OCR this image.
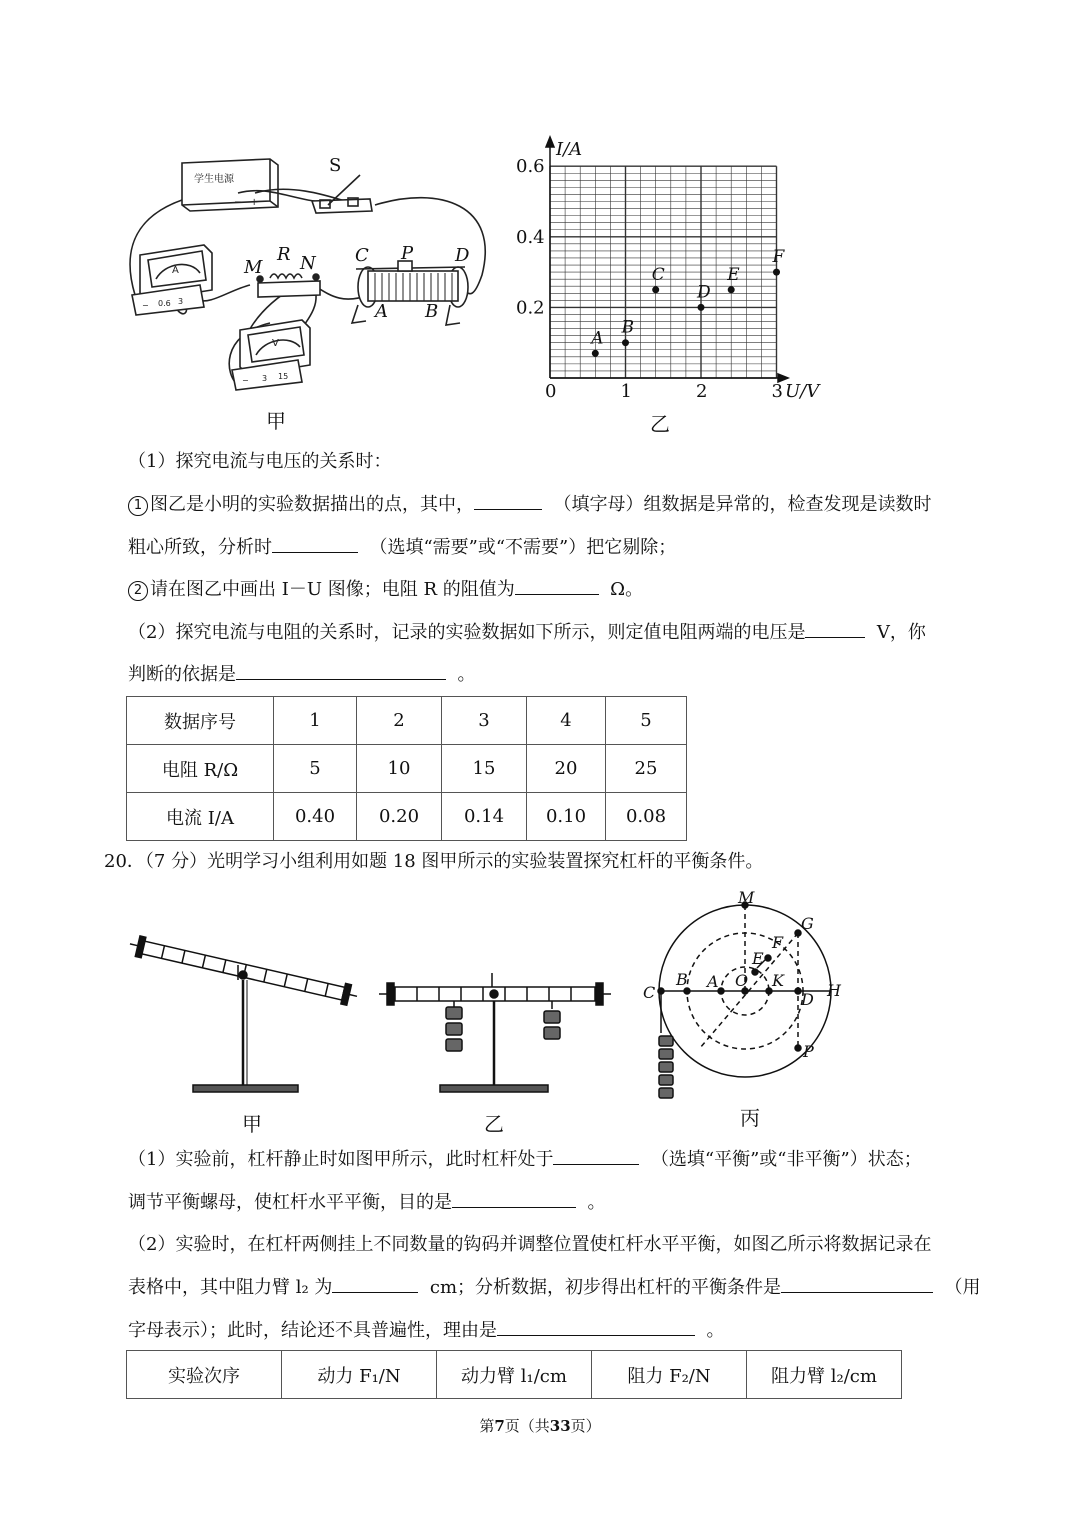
学生电源
− +
A
− 0.6 3
V
− 3 15
S
M
R N C P D
A B
甲
0	1	2	3
0.2
0.4
0.6
A
B
C
D
E
F
I/A
U/V
乙
（1）探究电流与电压的关系时：
1 图乙是小明的实验数据描出的点，其中，	（填字母）组数据是异常的，检查发现是读数时
粗心所致，分析时	（选填“需要”或“不需要”）把它剔除；
2 请在图乙中画出 I－U 图像；电阻 R 的阻值为	Ω。
（2）探究电流与电阻的关系时，记录的实验数据如下所示，则定值电阻两端的电压是	V，你
判断的依据是	。
数据序号	1	2	3	4	5
电阻 R/Ω	5	10	15	20	25
电流 I/A	0.40	0.20	0.14	0.10	0.08
20．（7 分）光明学习小组利用如题 18 图甲所示的实验装置探究杠杆的平衡条件。
甲	乙
M
G
F
E
C
B A O K
D H
P
丙
（1）实验前，杠杆静止时如图甲所示，此时杠杆处于	（选填“平衡”或“非平衡”）状态；
调节平衡螺母，使杠杆水平平衡，目的是	。
（2）实验时，在杠杆两侧挂上不同数量的钩码并调整位置使杠杆水平平衡，如图乙所示将数据记录在
表格中，其中阻力臂 l₂ 为	cm；分析数据，初步得出杠杆的平衡条件是	（用
字母表示）；此时，结论还不具普遍性，理由是	。
实验次序	动力 F₁/N	动力臂 l₁/cm	阻力 F₂/N	阻力臂 l₂/cm
第7页（共33页）
